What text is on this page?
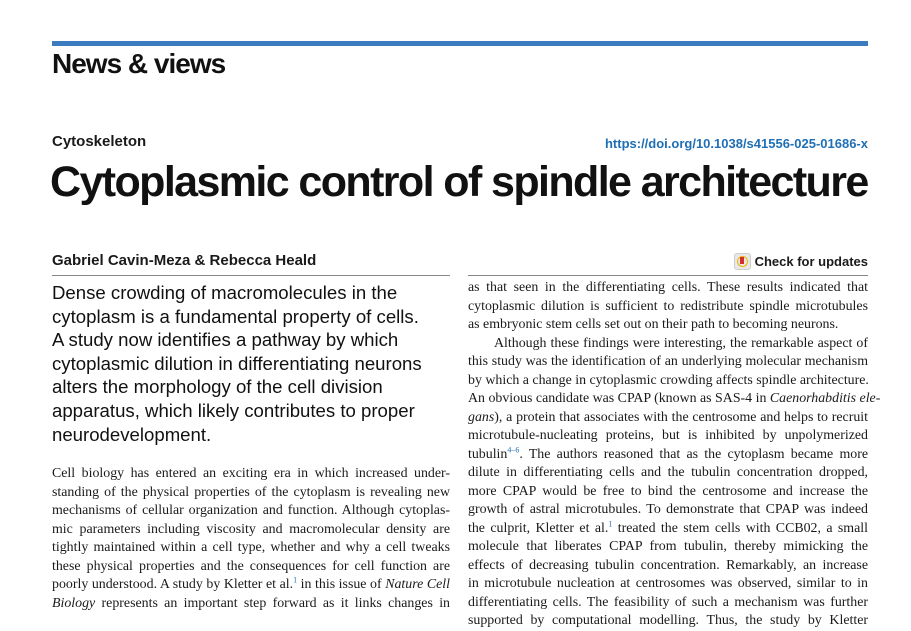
News & views
Cytoskeleton	https://doi.org/10.1038/s41556-025-01686-x
Cytoplasmic control of spindle architecture
Gabriel Cavin-Meza & Rebecca Heald	Check for updates
Dense crowding of macromolecules in the
cytoplasm is a fundamental property of cells.
A study now identifies a pathway by which
cytoplasmic dilution in differentiating neurons
alters the morphology of the cell division
apparatus, which likely contributes to proper
neurodevelopment.
Cell biology has entered an exciting era in which increased under-
standing of the physical properties of the cytoplasm is revealing new
mechanisms of cellular organization and function. Although cytoplas-
mic parameters including viscosity and macromolecular density are
tightly maintained within a cell type, whether and why a cell tweaks
these physical properties and the consequences for cell function are
poorly understood. A study by Kletter et al.$^1$ in this issue of Nature Cell
Biology represents an important step forward as it links changes in
as that seen in the differentiating cells. These results indicated that
cytoplasmic dilution is sufficient to redistribute spindle microtubules
as embryonic stem cells set out on their path to becoming neurons.
Although these findings were interesting, the remarkable aspect of
this study was the identification of an underlying molecular mechanism
by which a change in cytoplasmic crowding affects spindle architecture.
An obvious candidate was CPAP (known as SAS-4 in Caenorhabditis ele-
gans), a protein that associates with the centrosome and helps to recruit
microtubule-nucleating proteins, but is inhibited by unpolymerized
tubulin$^{4-6}$. The authors reasoned that as the cytoplasm became more
dilute in differentiating cells and the tubulin concentration dropped,
more CPAP would be free to bind the centrosome and increase the
growth of astral microtubules. To demonstrate that CPAP was indeed
the culprit, Kletter et al.$^1$ treated the stem cells with CCB02, a small
molecule that liberates CPAP from tubulin, thereby mimicking the
effects of decreasing tubulin concentration. Remarkably, an increase
in microtubule nucleation at centrosomes was observed, similar to in
differentiating cells. The feasibility of such a mechanism was further
supported by computational modelling. Thus, the study by Kletter
